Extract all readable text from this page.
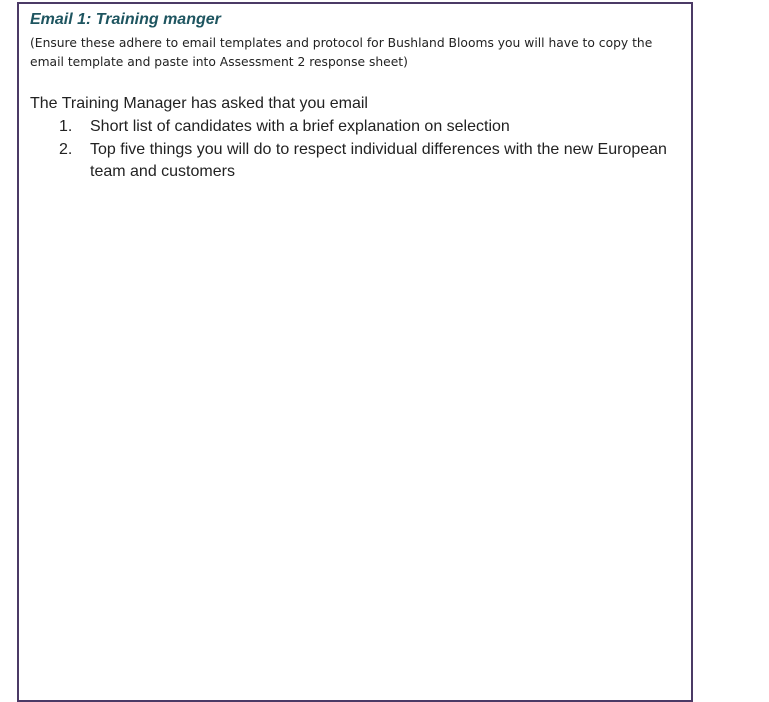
Email 1: Training manger

(Ensure these adhere to email templates and protocol for Bushland Blooms you will have to copy the email template and paste into Assessment 2 response sheet)

The Training Manager has asked that you email

1. Short list of candidates with a brief explanation on selection
2. Top five things you will do to respect individual differences with the new European team and customers
